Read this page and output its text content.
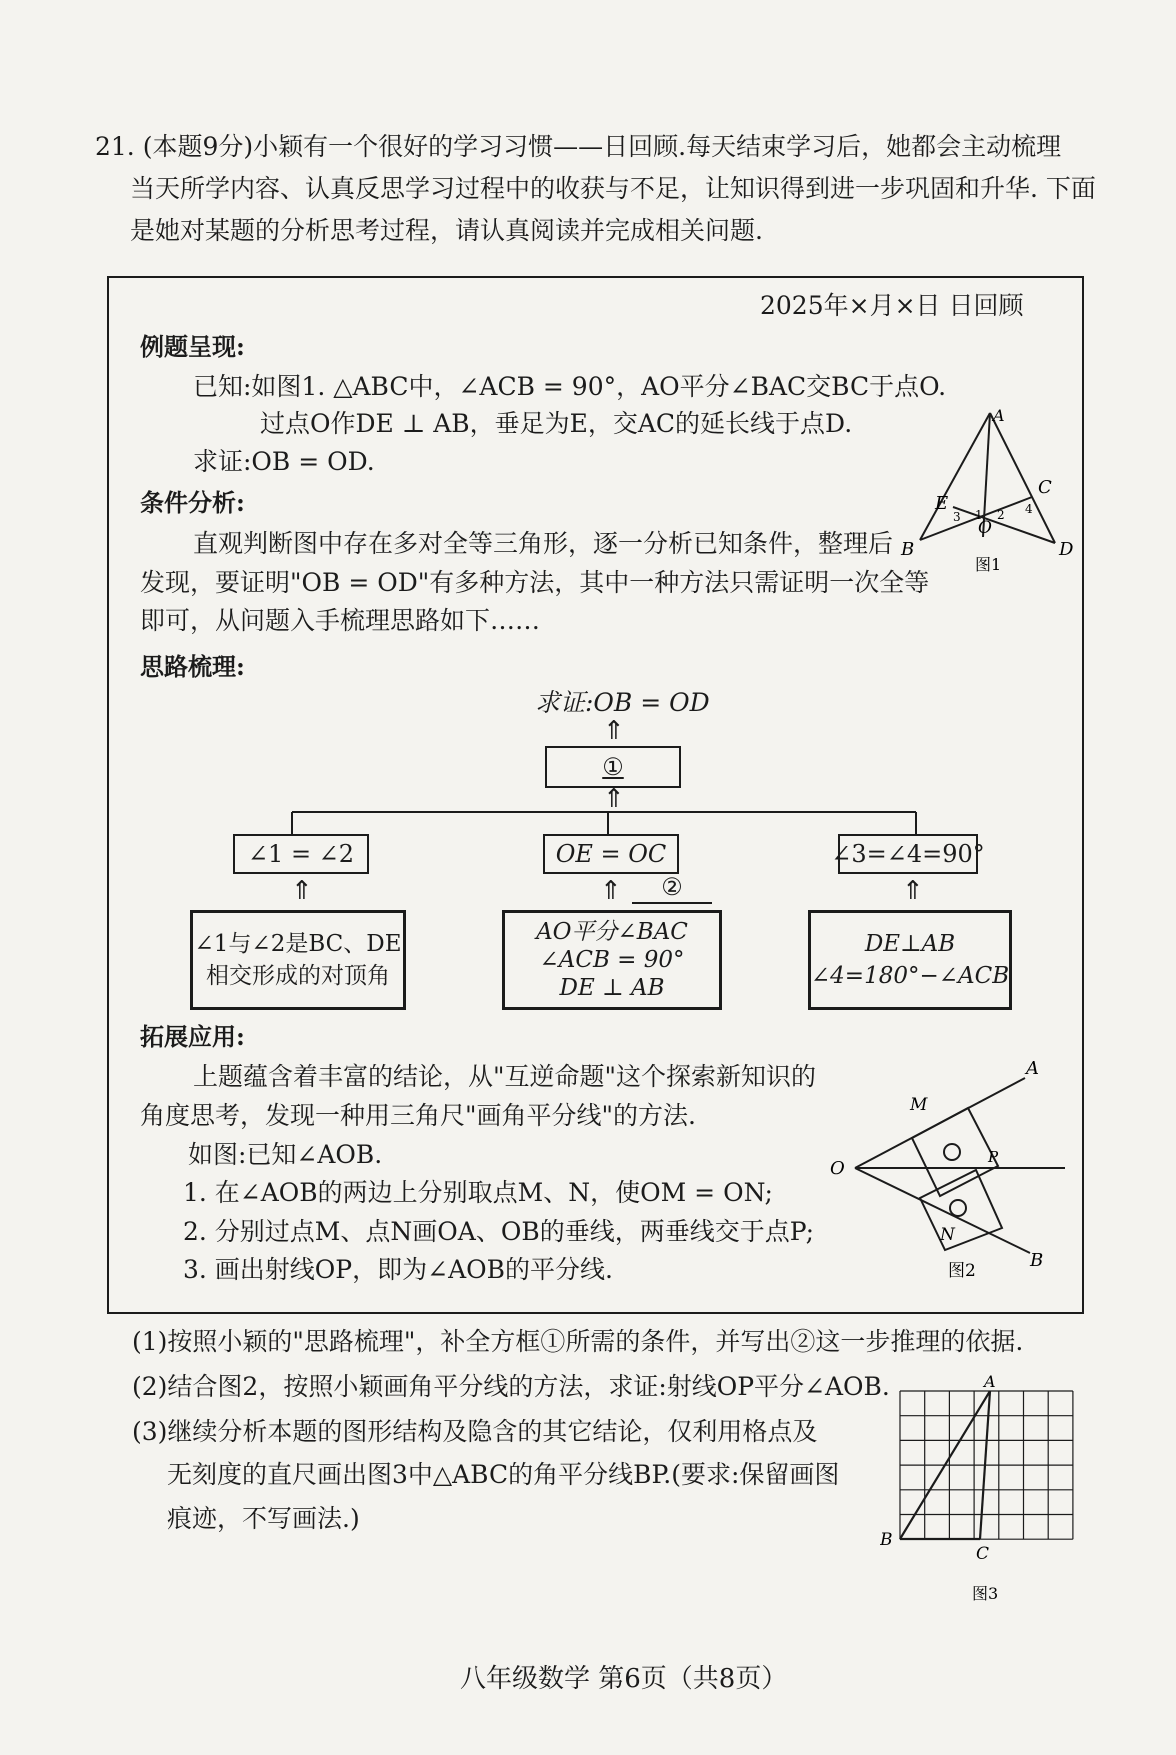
21. (本题9分)小颖有一个很好的学习习惯——日回顾.每天结束学习后，她都会主动梳理
当天所学内容、认真反思学习过程中的收获与不足，让知识得到进一步巩固和升华. 下面
是她对某题的分析思考过程，请认真阅读并完成相关问题.
2025年×月×日 日回顾
例题呈现:
已知:如图1. △ABC中，∠ACB = 90°，AO平分∠BAC交BC于点O.
过点O作DE ⊥ AB，垂足为E，交AC的延长线于点D.
求证:OB = OD.
条件分析:
直观判断图中存在多对全等三角形，逐一分析已知条件，整理后
发现，要证明"OB = OD"有多种方法，其中一种方法只需证明一次全等
即可，从问题入手梳理思路如下……
思路梳理:
A
B
C
D
E
O
1 2
3
4
图1
求证:OB = OD
⇑
①
⇑
∠1 = ∠2	OE = OC	∠3=∠4=90°
⇑	⇑	②	⇑
∠1与∠2是BC、DE
相交形成的对顶角
AO平分∠BAC
∠ACB = 90°
DE ⊥ AB
DE⊥AB
∠4=180°−∠ACB
拓展应用:
上题蕴含着丰富的结论，从"互逆命题"这个探索新知识的
角度思考，发现一种用三角尺"画角平分线"的方法.
如图:已知∠AOB.
1. 在∠AOB的两边上分别取点M、N，使OM = ON;
2. 分别过点M、点N画OA、OB的垂线，两垂线交于点P;
3. 画出射线OP，即为∠AOB的平分线.
A
B
O
M
N
P
图2
(1)按照小颖的"思路梳理"，补全方框①所需的条件，并写出②这一步推理的依据.
(2)结合图2，按照小颖画角平分线的方法，求证:射线OP平分∠AOB.
(3)继续分析本题的图形结构及隐含的其它结论，仅利用格点及
无刻度的直尺画出图3中△ABC的角平分线BP.(要求:保留画图
痕迹，不写画法.)
A
B
C
图3
八年级数学 第6页（共8页）
